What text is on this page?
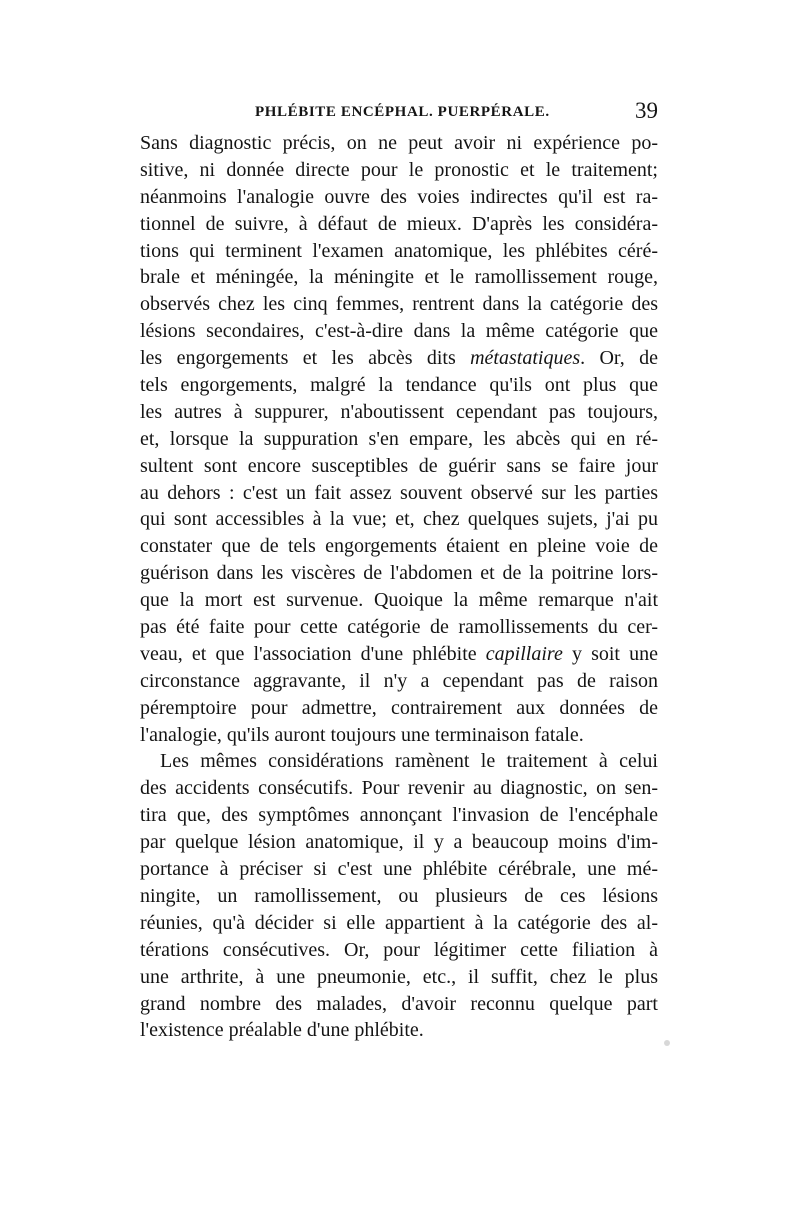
PHLÉBITE ENCÉPHAL. PUERPÉRALE.	39
Sans diagnostic précis, on ne peut avoir ni expérience po-
sitive, ni donnée directe pour le pronostic et le traitement;
néanmoins l'analogie ouvre des voies indirectes qu'il est ra-
tionnel de suivre, à défaut de mieux. D'après les considéra-
tions qui terminent l'examen anatomique, les phlébites céré-
brale et méningée, la méningite et le ramollissement rouge,
observés chez les cinq femmes, rentrent dans la catégorie des
lésions secondaires, c'est-à-dire dans la même catégorie que
les engorgements et les abcès dits métastatiques. Or, de
tels engorgements, malgré la tendance qu'ils ont plus que
les autres à suppurer, n'aboutissent cependant pas toujours,
et, lorsque la suppuration s'en empare, les abcès qui en ré-
sultent sont encore susceptibles de guérir sans se faire jour
au dehors : c'est un fait assez souvent observé sur les parties
qui sont accessibles à la vue; et, chez quelques sujets, j'ai pu
constater que de tels engorgements étaient en pleine voie de
guérison dans les viscères de l'abdomen et de la poitrine lors-
que la mort est survenue. Quoique la même remarque n'ait
pas été faite pour cette catégorie de ramollissements du cer-
veau, et que l'association d'une phlébite capillaire y soit une
circonstance aggravante, il n'y a cependant pas de raison
péremptoire pour admettre, contrairement aux données de
l'analogie, qu'ils auront toujours une terminaison fatale.
Les mêmes considérations ramènent le traitement à celui
des accidents consécutifs. Pour revenir au diagnostic, on sen-
tira que, des symptômes annonçant l'invasion de l'encéphale
par quelque lésion anatomique, il y a beaucoup moins d'im-
portance à préciser si c'est une phlébite cérébrale, une mé-
ningite, un ramollissement, ou plusieurs de ces lésions
réunies, qu'à décider si elle appartient à la catégorie des al-
térations consécutives. Or, pour légitimer cette filiation à
une arthrite, à une pneumonie, etc., il suffit, chez le plus
grand nombre des malades, d'avoir reconnu quelque part
l'existence préalable d'une phlébite.
